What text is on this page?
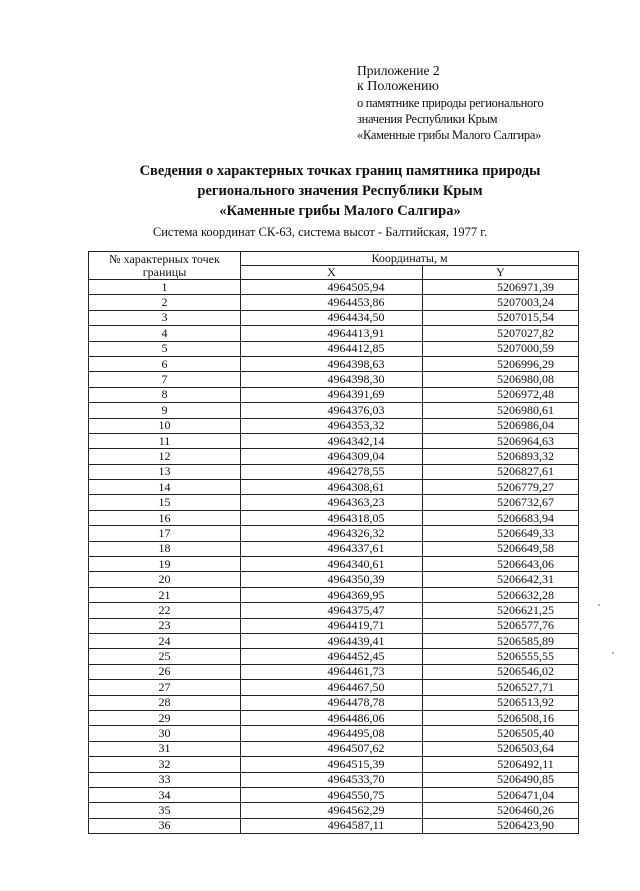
Приложение 2
к Положению
о памятнике природы регионального
значения Республики Крым
«Каменные грибы Малого Салгира»
Сведения о характерных точках границ памятника природы
регионального значения Республики Крым
«Каменные грибы Малого Салгира»
Система координат СК-63, система высот - Балтийская, 1977 г.
№ характерных точек границы	Координаты, м	
	X	Y
1	4964505,94	5206971,39
2	4964453,86	5207003,24
3	4964434,50	5207015,54
4	4964413,91	5207027,82
5	4964412,85	5207000,59
6	4964398,63	5206996,29
7	4964398,30	5206980,08
8	4964391,69	5206972,48
9	4964376,03	5206980,61
10	4964353,32	5206986,04
11	4964342,14	5206964,63
12	4964309,04	5206893,32
13	4964278,55	5206827,61
14	4964308,61	5206779,27
15	4964363,23	5206732,67
16	4964318,05	5206683,94
17	4964326,32	5206649,33
18	4964337,61	5206649,58
19	4964340,61	5206643,06
20	4964350,39	5206642,31
21	4964369,95	5206632,28
22	4964375,47	5206621,25
23	4964419,71	5206577,76
24	4964439,41	5206585,89
25	4964452,45	5206555,55
26	4964461,73	5206546,02
27	4964467,50	5206527,71
28	4964478,78	5206513,92
29	4964486,06	5206508,16
30	4964495,08	5206505,40
31	4964507,62	5206503,64
32	4964515,39	5206492,11
33	4964533,70	5206490,85
34	4964550,75	5206471,04
35	4964562,29	5206460,26
36	4964587,11	5206423,90
